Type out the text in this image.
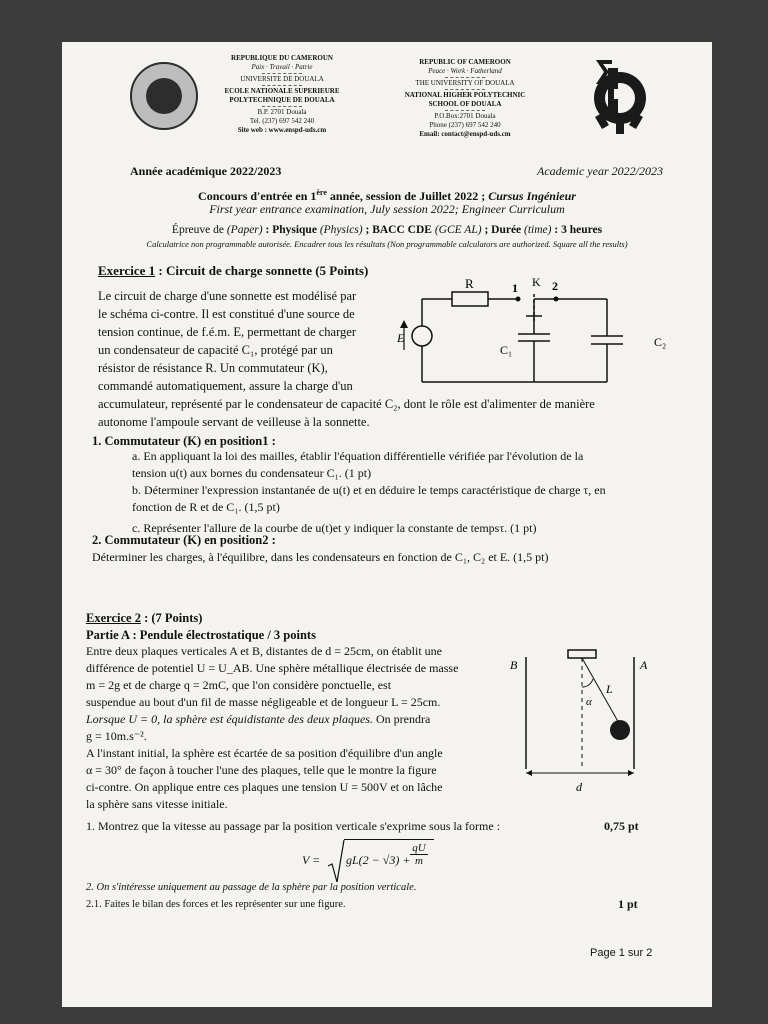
REPUBLIQUE DU CAMEROUN
Paix · Travail · Patrie
UNIVERSITE DE DOUALA
ECOLE NATIONALE SUPERIEURE
POLYTECHNIQUE DE DOUALA
B.P. 2701 Douala
Tel. (237) 697 542 240
Site web : www.enspd-uds.cm
REPUBLIC OF CAMEROON
Peace · Work · Fatherland
THE UNIVERSITY OF DOUALA
NATIONAL HIGHER POLYTECHNIC
SCHOOL OF DOUALA
P.O.Box:2701 Douala
Phone (237) 697 542 240
Email: contact@enspd-uds.cm
Année académique 2022/2023	Academic year 2022/2023
Concours d'entrée en 1ère année, session de Juillet 2022 ; Cursus Ingénieur
First year entrance examination, July session 2022; Engineer Curriculum
Épreuve de (Paper) : Physique (Physics) ; BACC CDE (GCE AL) ; Durée (time) : 3 heures
Calculatrice non programmable autorisée. Encadrer tous les résultats (Non programmable calculators are authorized. Square all the results)
Exercice 1 : Circuit de charge sonnette (5 Points)
Le circuit de charge d'une sonnette est modélisé par
le schéma ci-contre. Il est constitué d'une source de
tension continue, de f.é.m. E, permettant de charger
un condensateur de capacité C₁, protégé par un
résistor de résistance R. Un commutateur (K),
commandé automatiquement, assure la charge d'un
R	1 K 2
E
C₁
C₂
accumulateur, représenté par le condensateur de capacité C₂, dont le rôle est d'alimenter de manière
autonome l'ampoule servant de veilleuse à la sonnette.
1. Commutateur (K) en position1 :
a. En appliquant la loi des mailles, établir l'équation différentielle vérifiée par l'évolution de la
tension u(t) aux bornes du condensateur C₁. (1 pt)
b. Déterminer l'expression instantanée de u(t) et en déduire le temps caractéristique de charge τ, en
fonction de R et de C₁. (1,5 pt)
c. Représenter l'allure de la courbe de u(t)et y indiquer la constante de tempsτ. (1 pt)
2. Commutateur (K) en position2 :
Déterminer les charges, à l'équilibre, dans les condensateurs en fonction de C₁, C₂ et E. (1,5 pt)
Exercice 2 : (7 Points)
Partie A : Pendule électrostatique / 3 points
Entre deux plaques verticales A et B, distantes de d = 25cm, on établit une
différence de potentiel U = U_AB. Une sphère métallique électrisée de masse
m = 2g et de charge q = 2mC, que l'on considère ponctuelle, est
suspendue au bout d'un fil de masse négligeable et de longueur L = 25cm.
Lorsque U = 0, la sphère est équidistante des deux plaques. On prendra
g = 10m.s⁻².
A l'instant initial, la sphère est écartée de sa position d'équilibre d'un angle
α = 30° de façon à toucher l'une des plaques, telle que le montre la figure
ci-contre. On applique entre ces plaques une tension U = 500V et on lâche
la sphère sans vitesse initiale.
B	A
L
α
d
1. Montrez que la vitesse au passage par la position verticale s'exprime sous la forme :	0,75 pt
$V = gL(2 - √3) + \frac{qU}{m}$
2. On s'intéresse uniquement au passage de la sphère par la position verticale.
2.1. Faites le bilan des forces et les représenter sur une figure.	1 pt
Page 1 sur 2
